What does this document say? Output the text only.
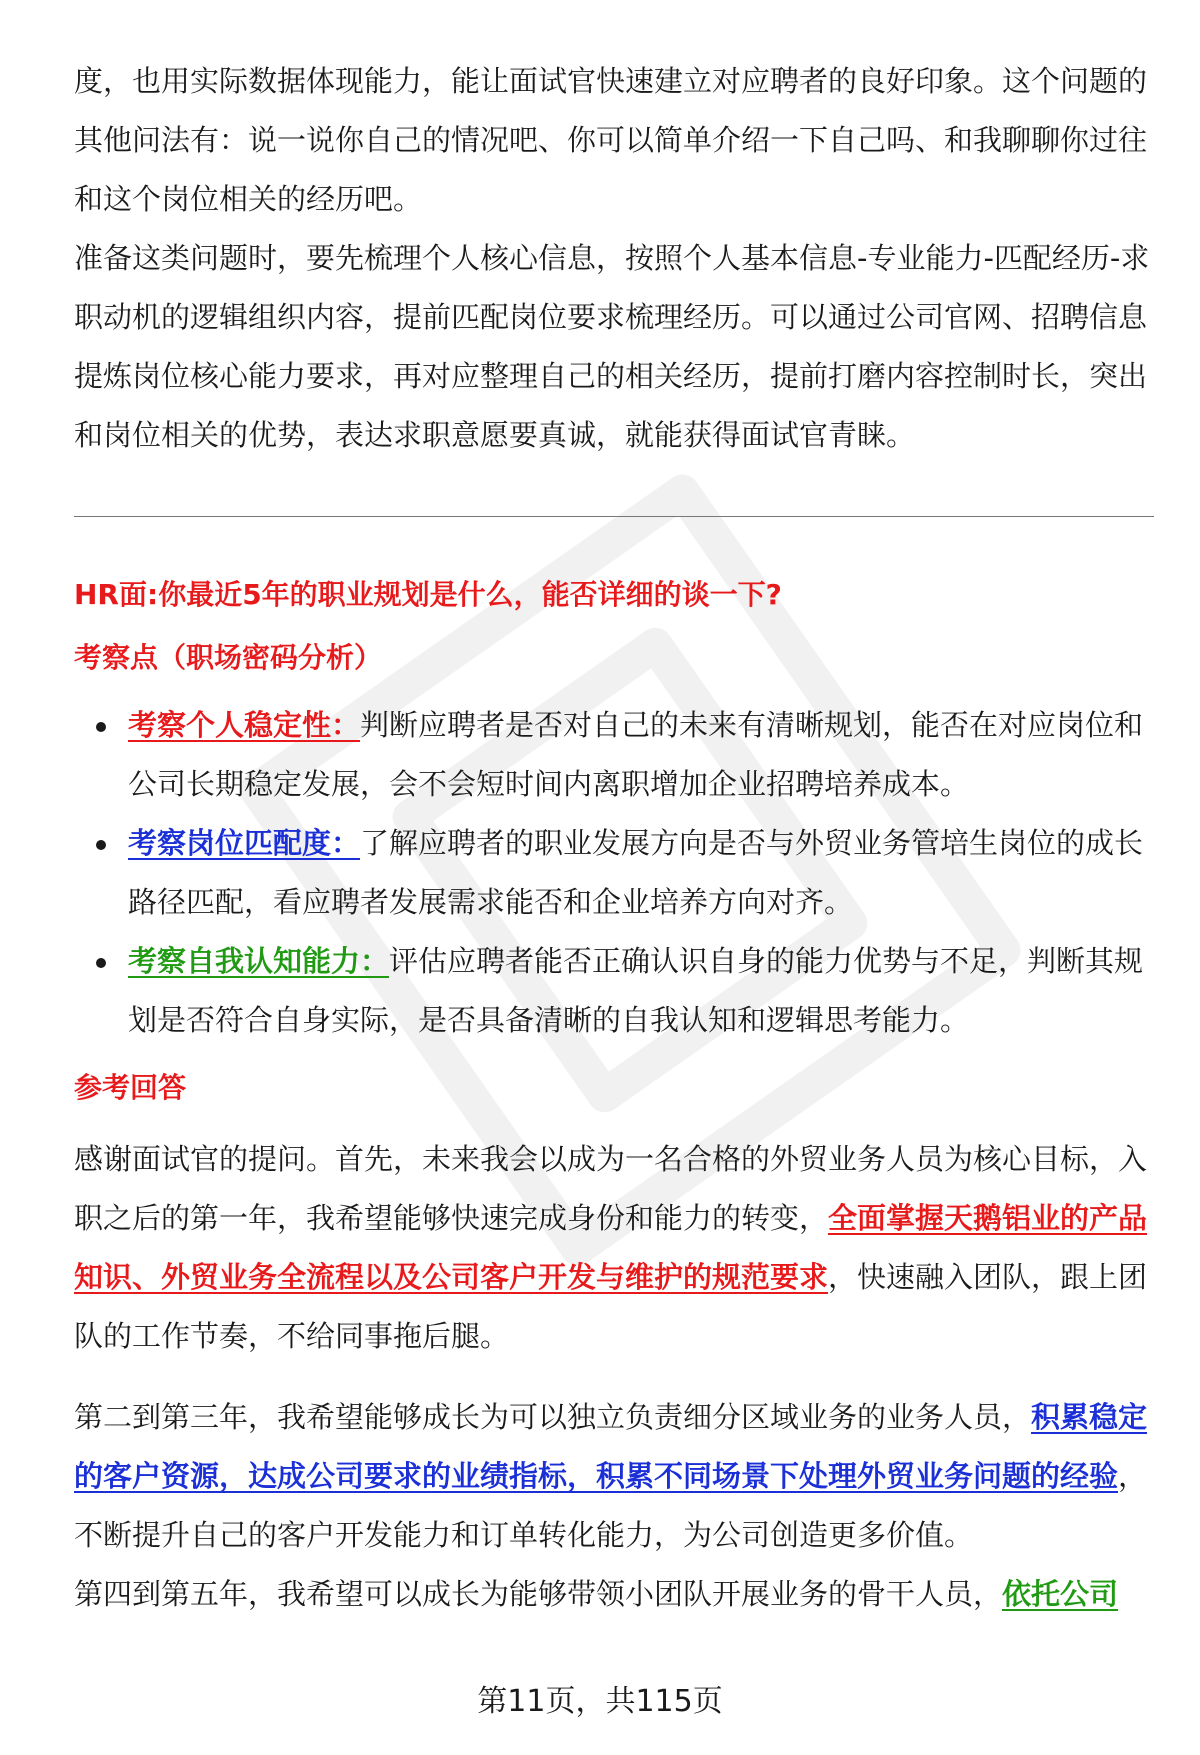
度，也用实际数据体现能力，能让面试官快速建立对应聘者的良好印象。这个问题的其他问法有：说一说你自己的情况吧、你可以简单介绍一下自己吗、和我聊聊你过往和这个岗位相关的经历吧。

准备这类问题时，要先梳理个人核心信息，按照个人基本信息-专业能力-匹配经历-求职动机的逻辑组织内容，提前匹配岗位要求梳理经历。可以通过公司官网、招聘信息提炼岗位核心能力要求，再对应整理自己的相关经历，提前打磨内容控制时长，突出和岗位相关的优势，表达求职意愿要真诚，就能获得面试官青睐。

HR面:你最近5年的职业规划是什么，能否详细的谈一下?
考察点（职场密码分析）
考察个人稳定性：判断应聘者是否对自己的未来有清晰规划，能否在对应岗位和公司长期稳定发展，会不会短时间内离职增加企业招聘培养成本。
考察岗位匹配度：了解应聘者的职业发展方向是否与外贸业务管培生岗位的成长路径匹配，看应聘者发展需求能否和企业培养方向对齐。
考察自我认知能力：评估应聘者能否正确认识自身的能力优势与不足，判断其规划是否符合自身实际，是否具备清晰的自我认知和逻辑思考能力。
参考回答

感谢面试官的提问。首先，未来我会以成为一名合格的外贸业务人员为核心目标，入职之后的第一年，我希望能够快速完成身份和能力的转变，全面掌握天鹅铝业的产品知识、外贸业务全流程以及公司客户开发与维护的规范要求，快速融入团队，跟上团队的工作节奏，不给同事拖后腿。

第二到第三年，我希望能够成长为可以独立负责细分区域业务的业务人员，积累稳定的客户资源，达成公司要求的业绩指标，积累不同场景下处理外贸业务问题的经验，不断提升自己的客户开发能力和订单转化能力，为公司创造更多价值。

第四到第五年，我希望可以成长为能够带领小团队开展业务的骨干人员，依托公司

第11页，共115页
